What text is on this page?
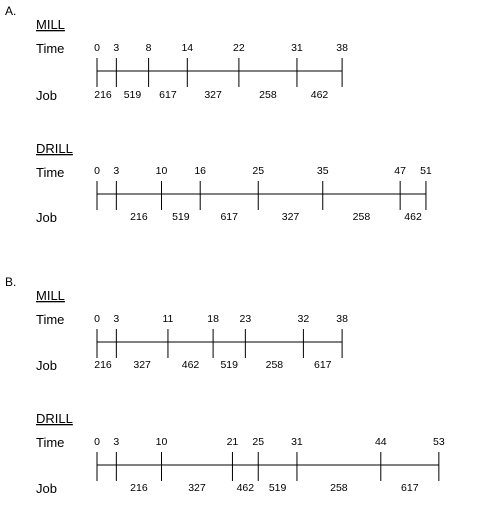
A.
MILL
Time
Job
0 3	8	14	22	31	38
216 519 617	327	258	462
DRILL
Time
Job
0 3	10	16	25	35	47 51
216 519	617	327	258	462
B.
MILL
Time
Job
0 3	11	18 23	32	38
216 327	462 519	258	617
DRILL
Time
Job
0 3	10	21 25	31	44	53
216	327	462 519	258	617
